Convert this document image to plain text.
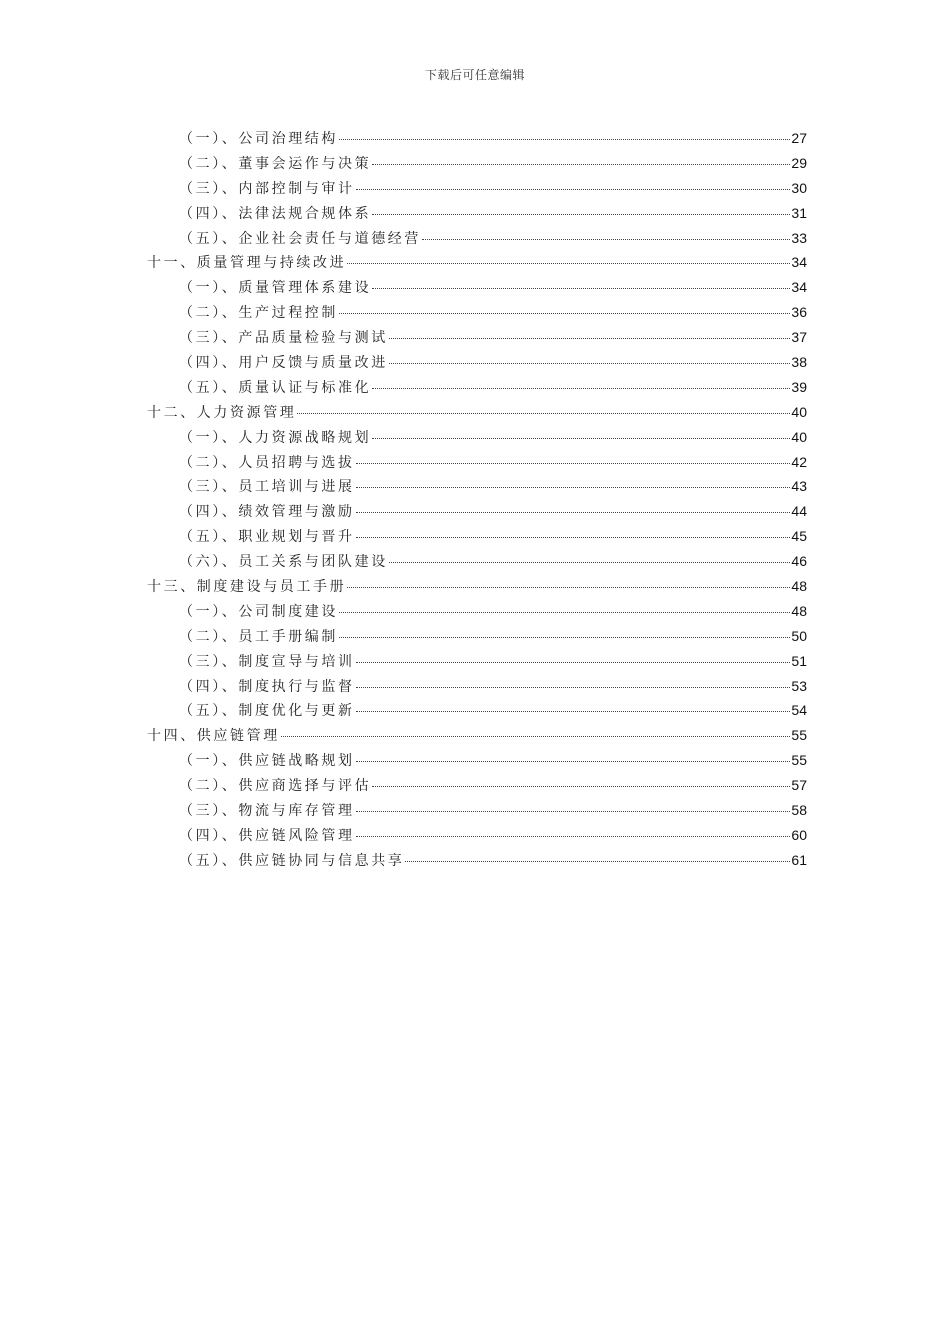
下载后可任意编辑
（一）、公司治理结构	27
（二）、董事会运作与决策	29
（三）、内部控制与审计	30
（四）、法律法规合规体系	31
（五）、企业社会责任与道德经营	33
十一、质量管理与持续改进	34
（一）、质量管理体系建设	34
（二）、生产过程控制	36
（三）、产品质量检验与测试	37
（四）、用户反馈与质量改进	38
（五）、质量认证与标准化	39
十二、人力资源管理	40
（一）、人力资源战略规划	40
（二）、人员招聘与选拔	42
（三）、员工培训与进展	43
（四）、绩效管理与激励	44
（五）、职业规划与晋升	45
（六）、员工关系与团队建设	46
十三、制度建设与员工手册	48
（一）、公司制度建设	48
（二）、员工手册编制	50
（三）、制度宣导与培训	51
（四）、制度执行与监督	53
（五）、制度优化与更新	54
十四、供应链管理	55
（一）、供应链战略规划	55
（二）、供应商选择与评估	57
（三）、物流与库存管理	58
（四）、供应链风险管理	60
（五）、供应链协同与信息共享	61
